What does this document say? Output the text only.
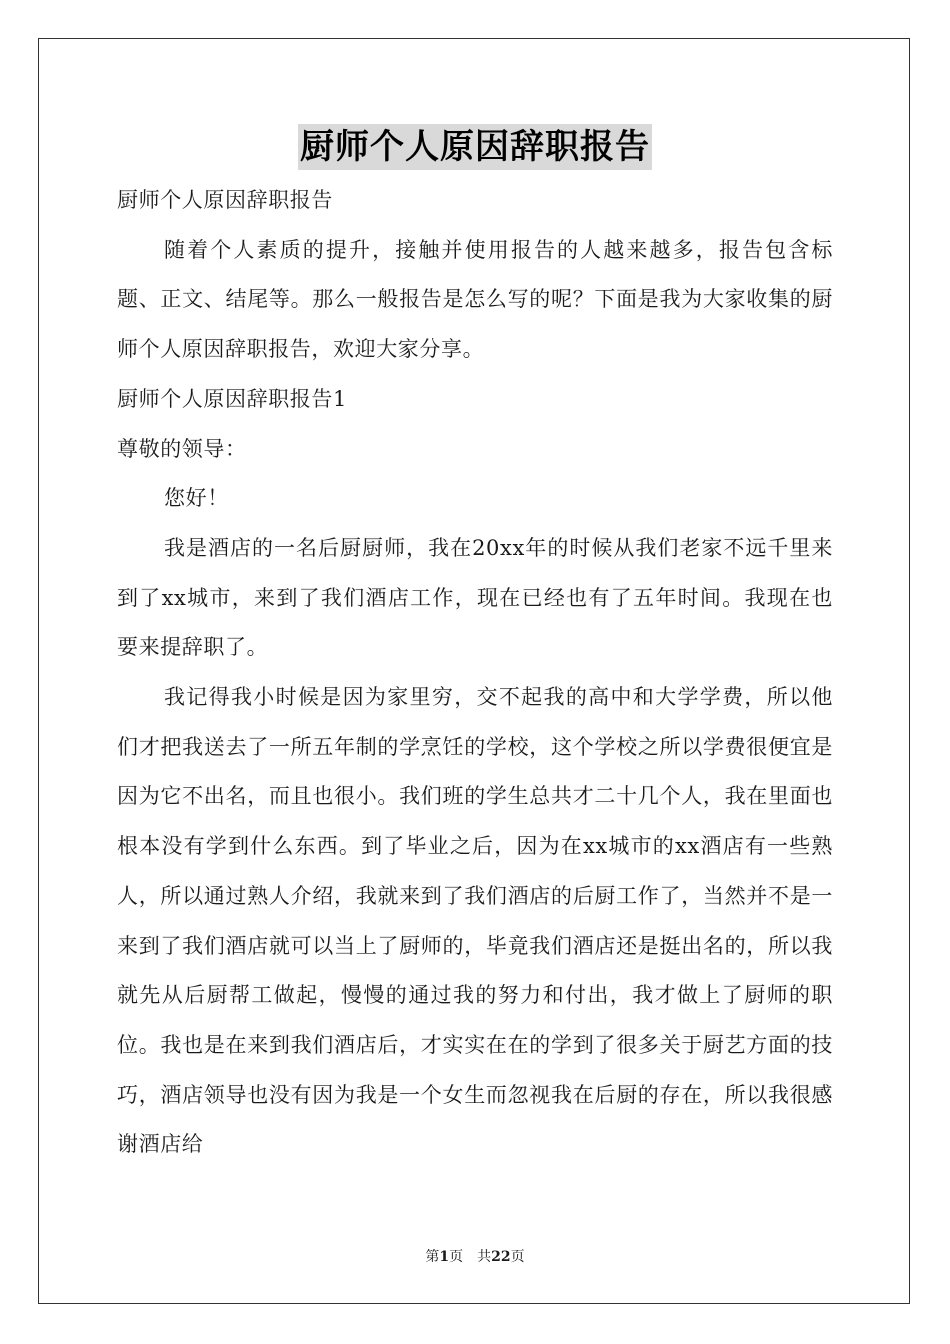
厨师个人原因辞职报告

厨师个人原因辞职报告

随着个人素质的提升，接触并使用报告的人越来越多，报告包含标题、正文、结尾等。那么一般报告是怎么写的呢？下面是我为大家收集的厨师个人原因辞职报告，欢迎大家分享。

厨师个人原因辞职报告1

尊敬的领导：

您好！

我是酒店的一名后厨厨师，我在20xx年的时候从我们老家不远千里来到了xx城市，来到了我们酒店工作，现在已经也有了五年时间。我现在也要来提辞职了。

我记得我小时候是因为家里穷，交不起我的高中和大学学费，所以他们才把我送去了一所五年制的学烹饪的学校，这个学校之所以学费很便宜是因为它不出名，而且也很小。我们班的学生总共才二十几个人，我在里面也根本没有学到什么东西。到了毕业之后，因为在xx城市的xx酒店有一些熟人，所以通过熟人介绍，我就来到了我们酒店的后厨工作了，当然并不是一来到了我们酒店就可以当上了厨师的，毕竟我们酒店还是挺出名的，所以我就先从后厨帮工做起，慢慢的通过我的努力和付出，我才做上了厨师的职位。我也是在来到我们酒店后，才实实在在的学到了很多关于厨艺方面的技巧，酒店领导也没有因为我是一个女生而忽视我在后厨的存在，所以我很感谢酒店给

第1页 共22页
